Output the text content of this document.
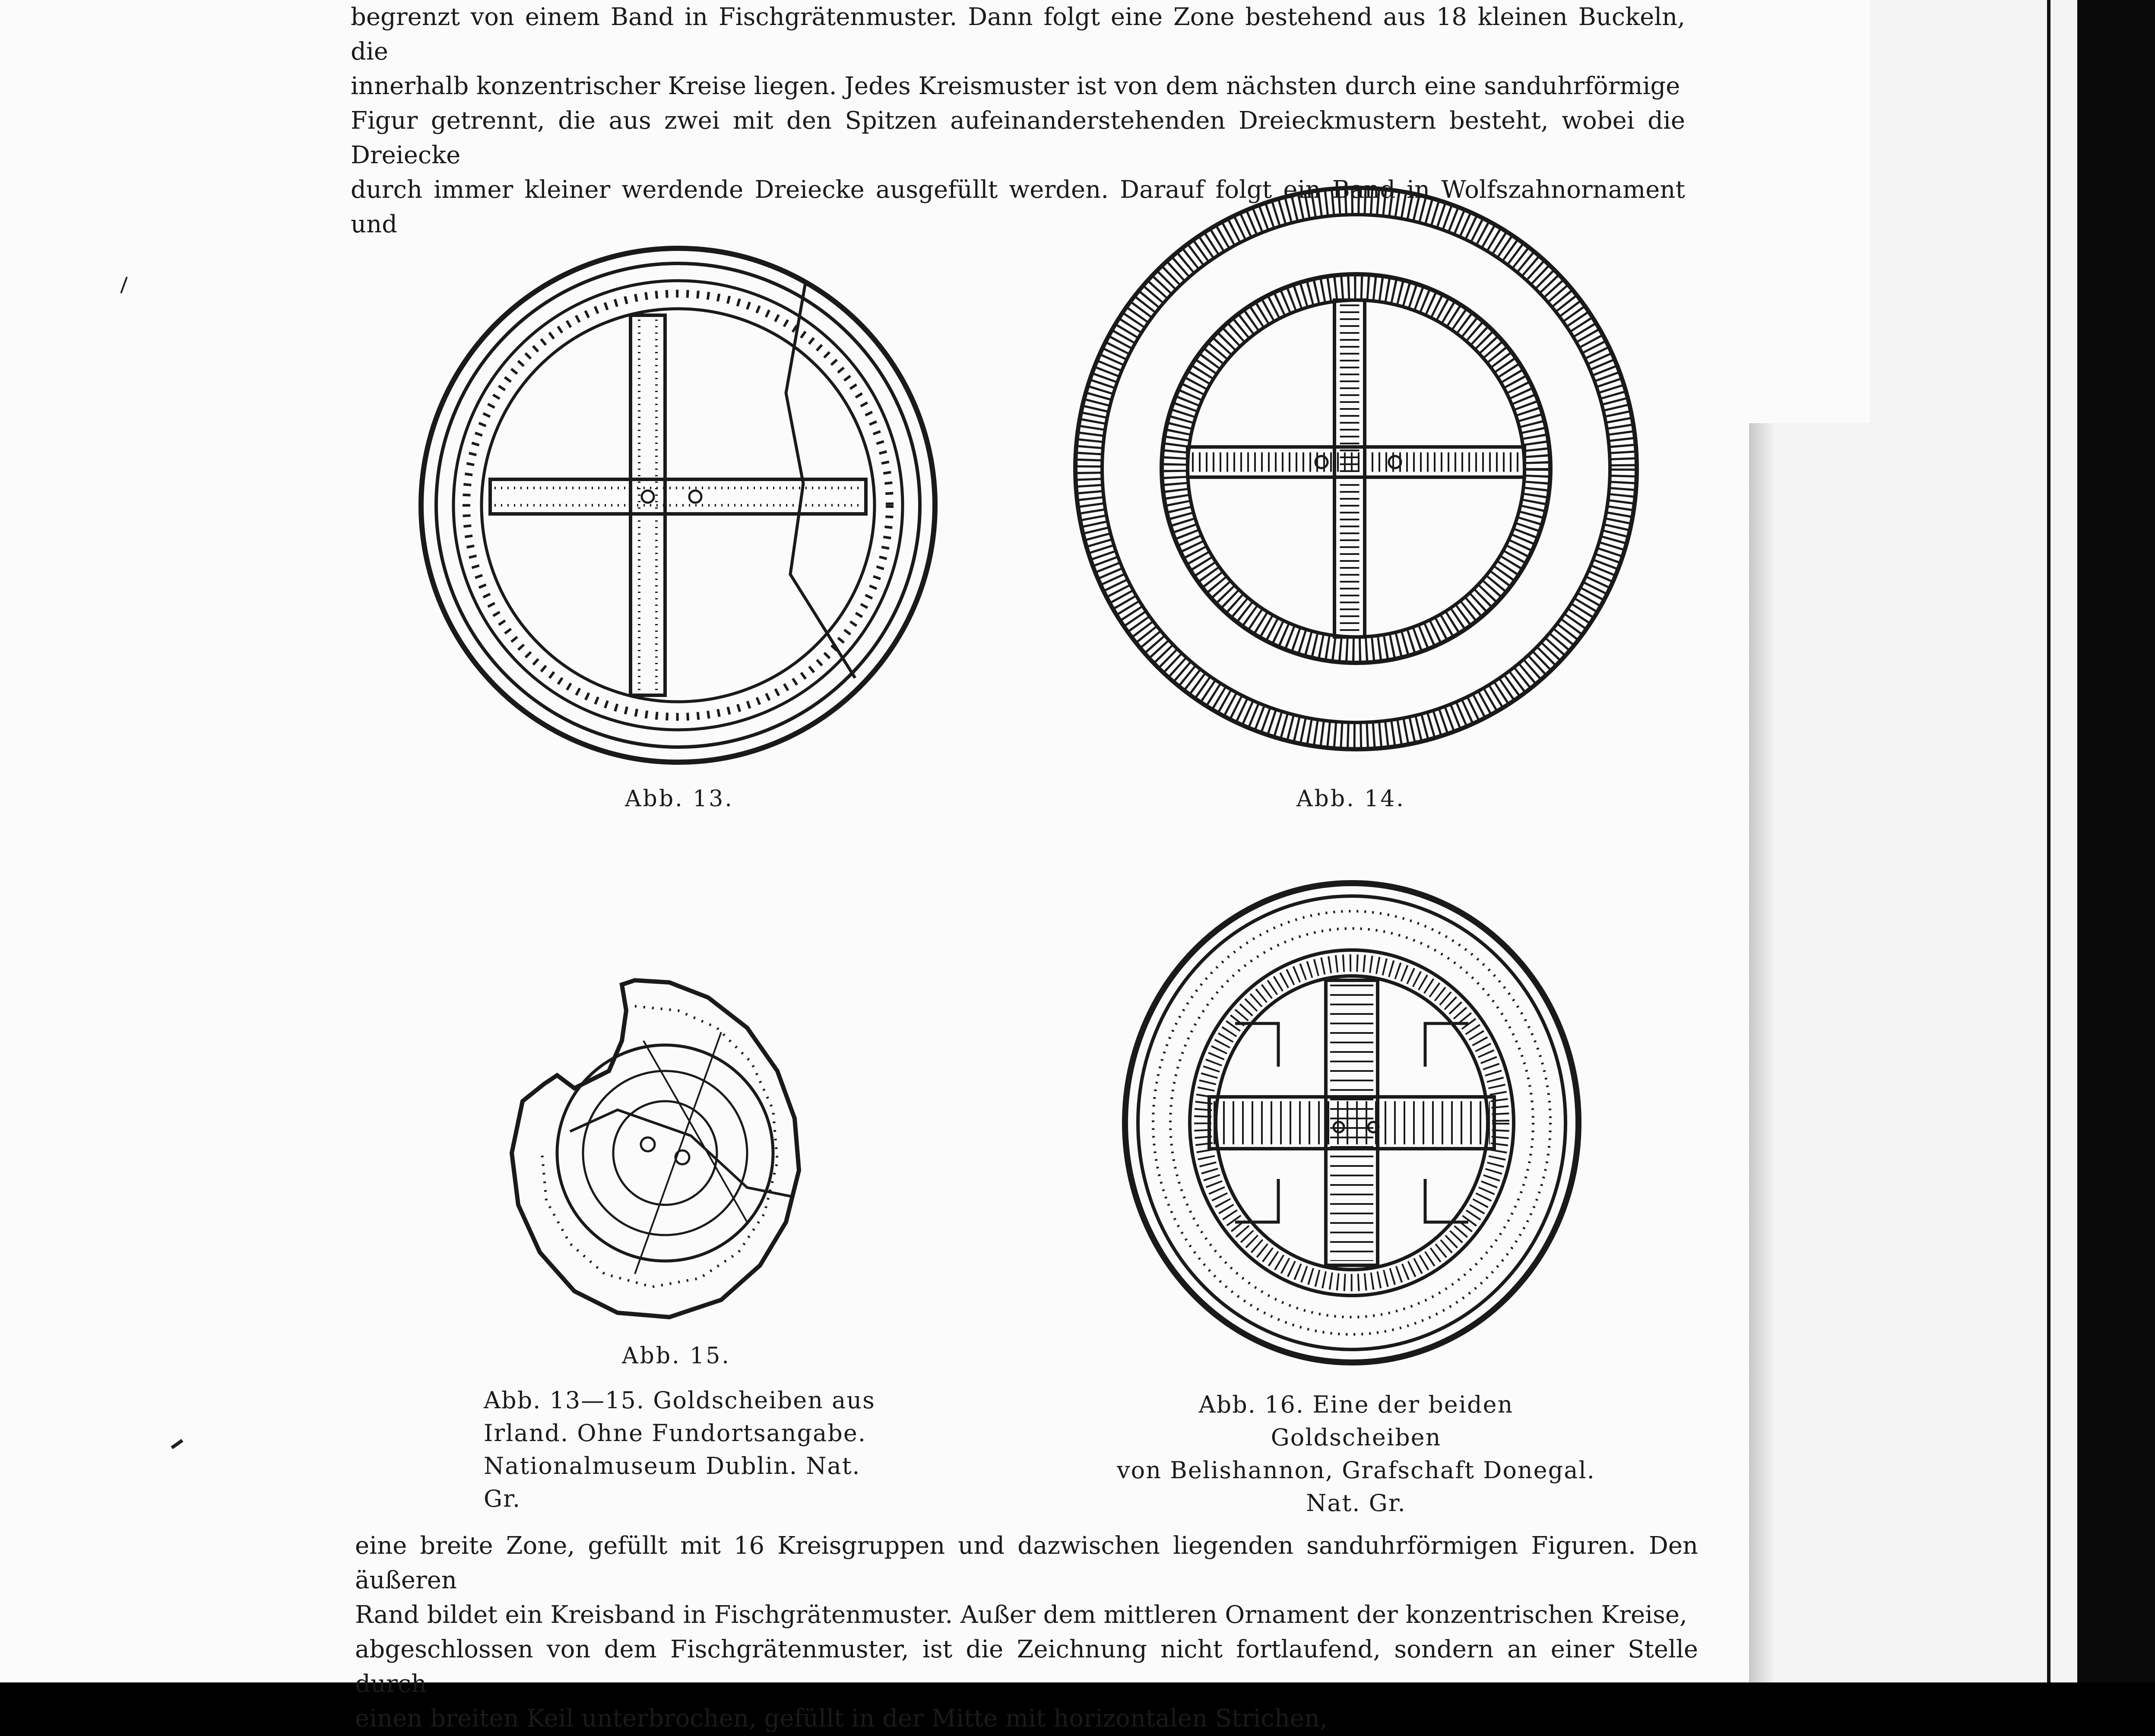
begrenzt von einem Band in Fischgrätenmuster. Dann folgt eine Zone bestehend aus 18 kleinen Buckeln, die

innerhalb konzentrischer Kreise liegen. Jedes Kreismuster ist von dem nächsten durch eine sanduhrförmige

Figur getrennt, die aus zwei mit den Spitzen aufeinanderstehenden Dreieckmustern besteht, wobei die Dreiecke

durch immer kleiner werdende Dreiecke ausgefüllt werden. Darauf folgt ein Band in Wolfszahnornament und

Abb. 13.	Abb. 14.
Abb. 15.
Abb. 13—15. Goldscheiben aus
Irland. Ohne Fundortsangabe.
Nationalmuseum Dublin. Nat. Gr.
Abb. 16. Eine der beiden Goldscheiben
von Belishannon, Grafschaft Donegal.
Nat. Gr.

eine breite Zone, gefüllt mit 16 Kreisgruppen und dazwischen liegenden sanduhrförmigen Figuren. Den äußeren

Rand bildet ein Kreisband in Fischgrätenmuster. Außer dem mittleren Ornament der konzentrischen Kreise,

abgeschlossen von dem Fischgrätenmuster, ist die Zeichnung nicht fortlaufend, sondern an einer Stelle durch

einen breiten Keil unterbrochen, gefüllt in der Mitte mit horizontalen Strichen,
